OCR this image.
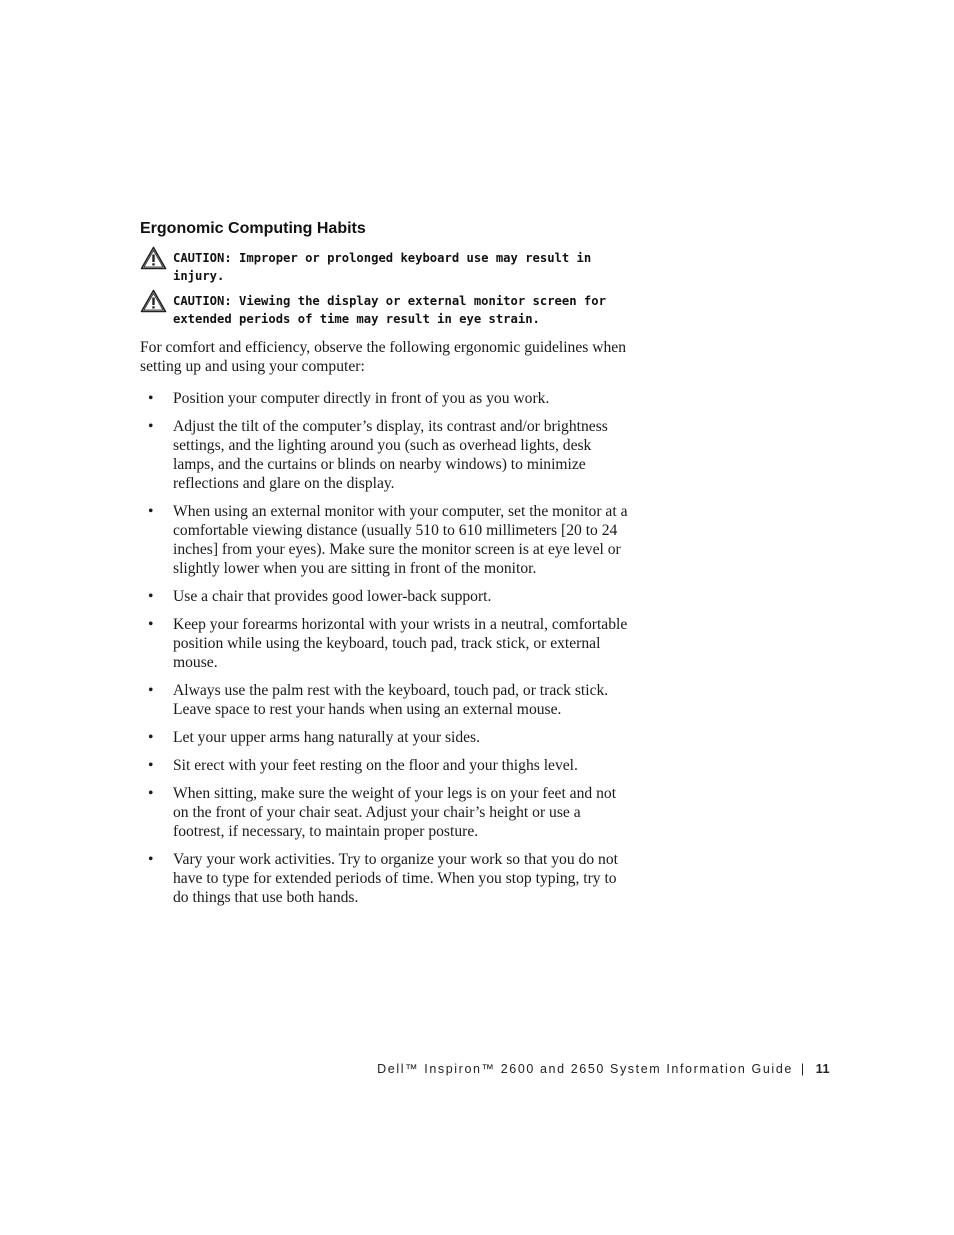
Ergonomic Computing Habits
CAUTION: Improper or prolonged keyboard use may result in injury.
CAUTION: Viewing the display or external monitor screen for extended periods of time may result in eye strain.

For comfort and efficiency, observe the following ergonomic guidelines when setting up and using your computer:

• Position your computer directly in front of you as you work.
• Adjust the tilt of the computer’s display, its contrast and/or brightness settings, and the lighting around you (such as overhead lights, desk lamps, and the curtains or blinds on nearby windows) to minimize reflections and glare on the display.
• When using an external monitor with your computer, set the monitor at a comfortable viewing distance (usually 510 to 610 millimeters [20 to 24 inches] from your eyes). Make sure the monitor screen is at eye level or slightly lower when you are sitting in front of the monitor.
• Use a chair that provides good lower-back support.
• Keep your forearms horizontal with your wrists in a neutral, comfortable position while using the keyboard, touch pad, track stick, or external mouse.
• Always use the palm rest with the keyboard, touch pad, or track stick. Leave space to rest your hands when using an external mouse.
• Let your upper arms hang naturally at your sides.
• Sit erect with your feet resting on the floor and your thighs level.
• When sitting, make sure the weight of your legs is on your feet and not on the front of your chair seat. Adjust your chair’s height or use a footrest, if necessary, to maintain proper posture.
• Vary your work activities. Try to organize your work so that you do not have to type for extended periods of time. When you stop typing, try to do things that use both hands.
Dell™ Inspiron™ 2600 and 2650 System Information Guide | 11
